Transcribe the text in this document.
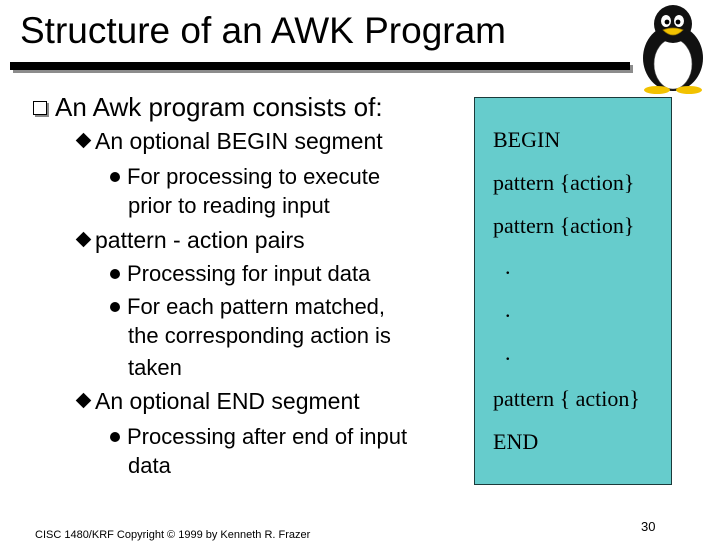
Structure of an AWK Program
An Awk program consists of:
An optional BEGIN segment
For processing to execute
prior to reading input
pattern - action pairs
Processing for input data
For each pattern matched,
the corresponding action is
taken
An optional END segment
Processing after end of input
data
BEGIN
pattern {action}
pattern {action}
.
.
.
pattern { action}
END
CISC 1480/KRF Copyright © 1999 by Kenneth R. Frazer
30
